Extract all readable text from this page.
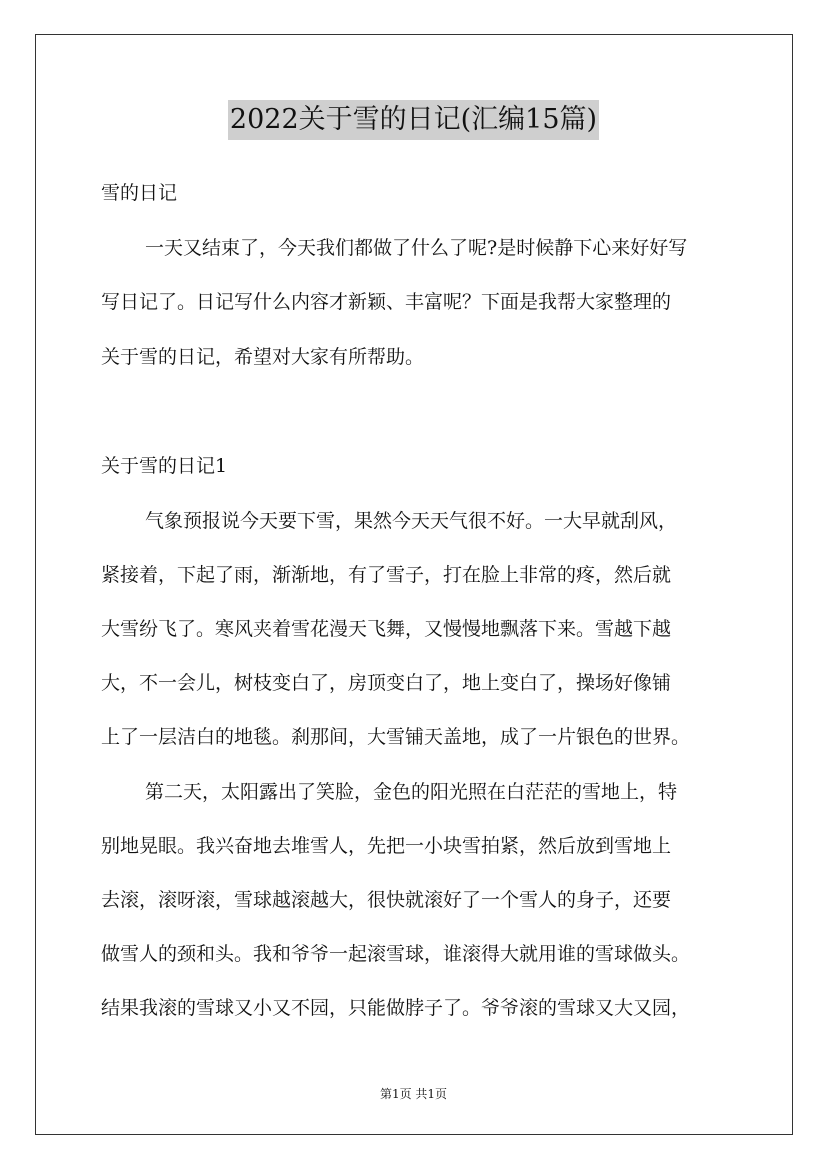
2022关于雪的日记(汇编15篇)
雪的日记
一天又结束了，今天我们都做了什么了呢?是时候静下心来好好写
写日记了。日记写什么内容才新颖、丰富呢？下面是我帮大家整理的
关于雪的日记，希望对大家有所帮助。
关于雪的日记1
气象预报说今天要下雪，果然今天天气很不好。一大早就刮风，
紧接着，下起了雨，渐渐地，有了雪子，打在脸上非常的疼，然后就
大雪纷飞了。寒风夹着雪花漫天飞舞，又慢慢地飘落下来。雪越下越
大，不一会儿，树枝变白了，房顶变白了，地上变白了，操场好像铺
上了一层洁白的地毯。刹那间，大雪铺天盖地，成了一片银色的世界。
第二天，太阳露出了笑脸，金色的阳光照在白茫茫的雪地上，特
别地晃眼。我兴奋地去堆雪人，先把一小块雪拍紧，然后放到雪地上
去滚，滚呀滚，雪球越滚越大，很快就滚好了一个雪人的身子，还要
做雪人的颈和头。我和爷爷一起滚雪球，谁滚得大就用谁的雪球做头。
结果我滚的雪球又小又不园，只能做脖子了。爷爷滚的雪球又大又园，
第1页 共1页
